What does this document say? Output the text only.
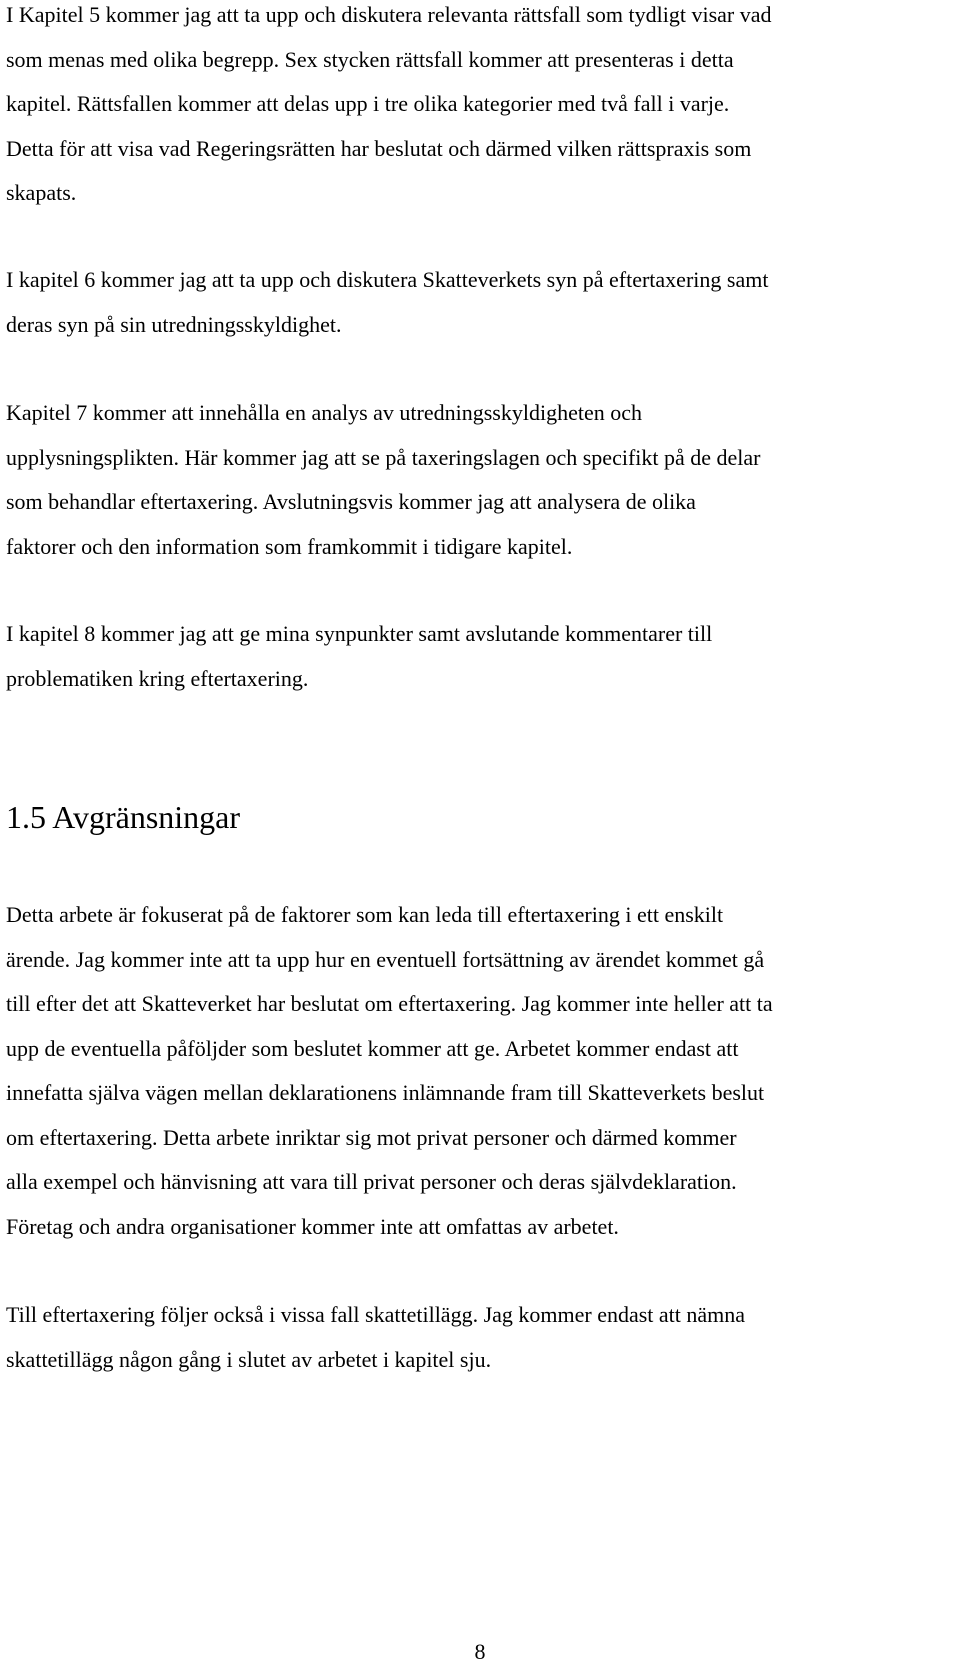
I Kapitel 5 kommer jag att ta upp och diskutera relevanta rättsfall som tydligt visar vad
som menas med olika begrepp. Sex stycken rättsfall kommer att presenteras i detta
kapitel. Rättsfallen kommer att delas upp i tre olika kategorier med två fall i varje.
Detta för att visa vad Regeringsrätten har beslutat och därmed vilken rättspraxis som
skapats.

I kapitel 6 kommer jag att ta upp och diskutera Skatteverkets syn på eftertaxering samt
deras syn på sin utredningsskyldighet.

Kapitel 7 kommer att innehålla en analys av utredningsskyldigheten och
upplysningsplikten. Här kommer jag att se på taxeringslagen och specifikt på de delar
som behandlar eftertaxering. Avslutningsvis kommer jag att analysera de olika
faktorer och den information som framkommit i tidigare kapitel.

I kapitel 8 kommer jag att ge mina synpunkter samt avslutande kommentarer till
problematiken kring eftertaxering.

1.5 Avgränsningar

Detta arbete är fokuserat på de faktorer som kan leda till eftertaxering i ett enskilt
ärende. Jag kommer inte att ta upp hur en eventuell fortsättning av ärendet kommet gå
till efter det att Skatteverket har beslutat om eftertaxering. Jag kommer inte heller att ta
upp de eventuella påföljder som beslutet kommer att ge. Arbetet kommer endast att
innefatta själva vägen mellan deklarationens inlämnande fram till Skatteverkets beslut
om eftertaxering. Detta arbete inriktar sig mot privat personer och därmed kommer
alla exempel och hänvisning att vara till privat personer och deras självdeklaration.
Företag och andra organisationer kommer inte att omfattas av arbetet.

Till eftertaxering följer också i vissa fall skattetillägg. Jag kommer endast att nämna
skattetillägg någon gång i slutet av arbetet i kapitel sju.

8
